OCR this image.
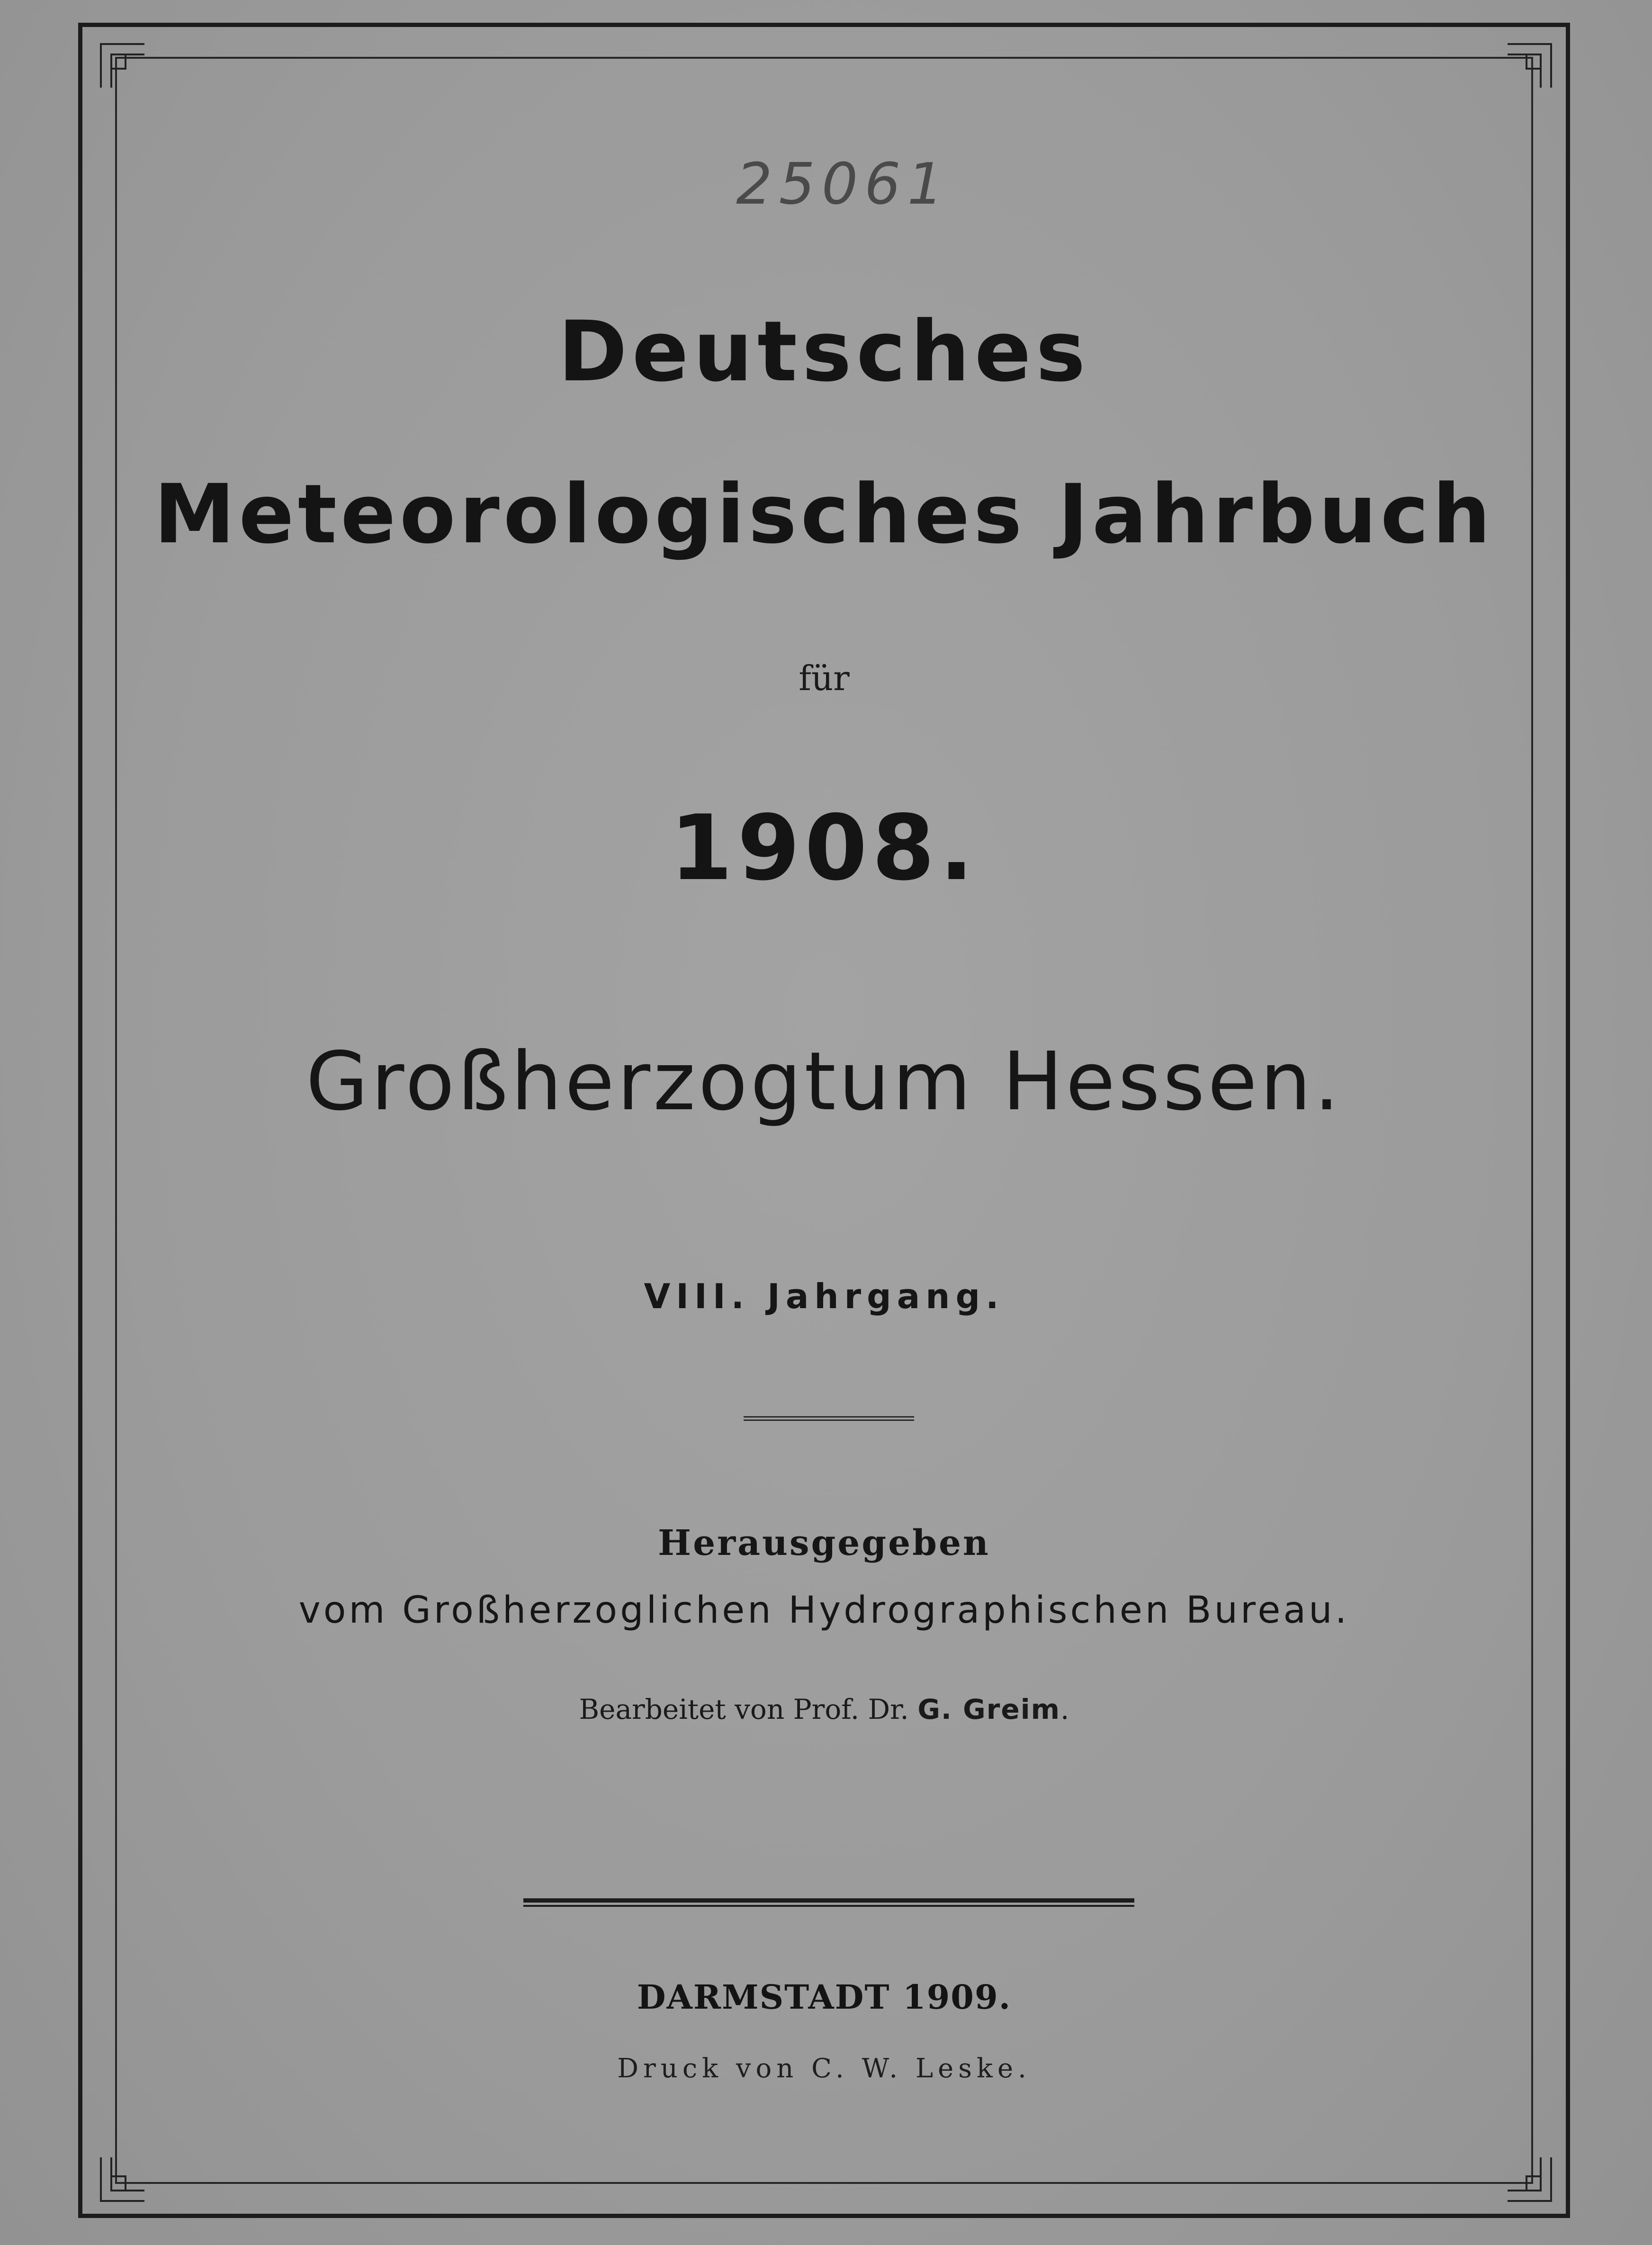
25061
Deutsches
Meteorologisches Jahrbuch
für
1908.
Großherzogtum Hessen.
VIII. Jahrgang.
Herausgegeben
vom Großherzoglichen Hydrographischen Bureau.
Bearbeitet von Prof. Dr. G. Greim.
DARMSTADT 1909.
Druck von C. W. Leske.
